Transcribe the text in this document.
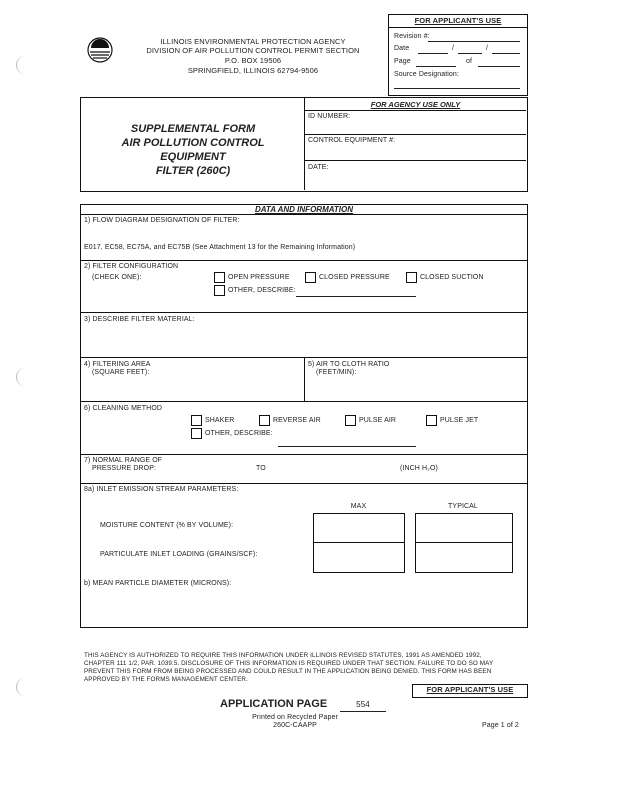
ILLINOIS ENVIRONMENTAL PROTECTION AGENCY
DIVISION OF AIR POLLUTION CONTROL PERMIT SECTION
P.O. BOX 19506
SPRINGFIELD, ILLINOIS 62794-9506
FOR APPLICANT'S USE
Revision #:
Date	/	/
Page	of
Source Designation:
SUPPLEMENTAL FORM
AIR POLLUTION CONTROL
EQUIPMENT
FILTER (260C)
FOR AGENCY USE ONLY
ID NUMBER:
CONTROL EQUIPMENT #:
DATE:
DATA AND INFORMATION
1) FLOW DIAGRAM DESIGNATION OF FILTER:
E017, EC58, EC75A, and EC75B (See Attachment 13 for the Remaining Information)
2) FILTER CONFIGURATION
(CHECK ONE):	OPEN PRESSURE	CLOSED PRESSURE	CLOSED SUCTION
OTHER, DESCRIBE:
3) DESCRIBE FILTER MATERIAL:
4) FILTERING AREA
(SQUARE FEET):
5) AIR TO CLOTH RATIO
(FEET/MIN):
6) CLEANING METHOD
SHAKER	REVERSE AIR	PULSE AIR	PULSE JET
OTHER, DESCRIBE:
7) NORMAL RANGE OF
PRESSURE DROP:	TO	(INCH H₂O)
8a) INLET EMISSION STREAM PARAMETERS:
MAX	TYPICAL
MOISTURE CONTENT (% BY VOLUME):
PARTICULATE INLET LOADING (GRAINS/SCF):
b) MEAN PARTICLE DIAMETER (MICRONS):
THIS AGENCY IS AUTHORIZED TO REQUIRE THIS INFORMATION UNDER ILLINOIS REVISED STATUTES, 1991 AS AMENDED 1992,
CHAPTER 111 1/2, PAR. 1039.5. DISCLOSURE OF THIS INFORMATION IS REQUIRED UNDER THAT SECTION. FAILURE TO DO SO MAY
PREVENT THIS FORM FROM BEING PROCESSED AND COULD RESULT IN THE APPLICATION BEING DENIED. THIS FORM HAS BEEN
APPROVED BY THE FORMS MANAGEMENT CENTER.
FOR APPLICANT'S USE
APPLICATION PAGE	554
Printed on Recycled Paper
260C-CAAPP	Page 1 of 2
